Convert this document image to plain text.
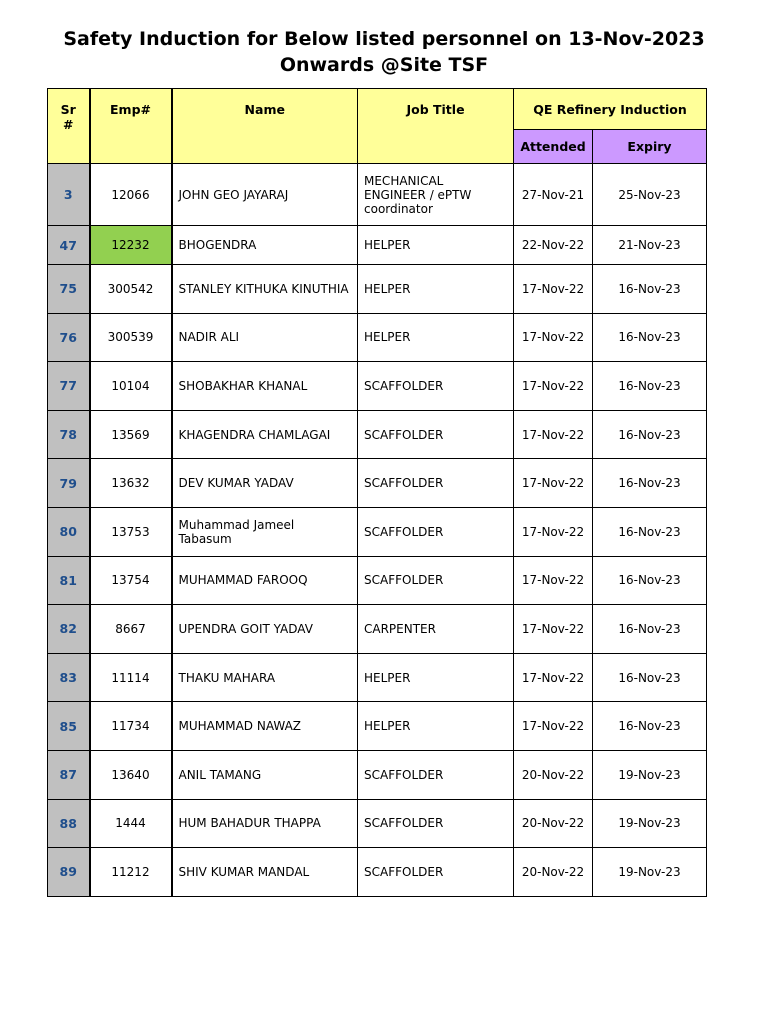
Safety Induction for Below listed personnel on 13-Nov-2023
Onwards @Site TSF
Sr #	Emp#	Name	Job Title	QE Refinery Induction	
				Attended	Expiry
3	12066	JOHN GEO JAYARAJ	MECHANICAL ENGINEER / ePTW coordinator	27-Nov-21	25-Nov-23
47	12232	BHOGENDRA	HELPER	22-Nov-22	21-Nov-23
75	300542	STANLEY KITHUKA KINUTHIA	HELPER	17-Nov-22	16-Nov-23
76	300539	NADIR ALI	HELPER	17-Nov-22	16-Nov-23
77	10104	SHOBAKHAR KHANAL	SCAFFOLDER	17-Nov-22	16-Nov-23
78	13569	KHAGENDRA CHAMLAGAI	SCAFFOLDER	17-Nov-22	16-Nov-23
79	13632	DEV KUMAR YADAV	SCAFFOLDER	17-Nov-22	16-Nov-23
80	13753	Muhammad Jameel Tabasum	SCAFFOLDER	17-Nov-22	16-Nov-23
81	13754	MUHAMMAD FAROOQ	SCAFFOLDER	17-Nov-22	16-Nov-23
82	8667	UPENDRA GOIT YADAV	CARPENTER	17-Nov-22	16-Nov-23
83	11114	THAKU MAHARA	HELPER	17-Nov-22	16-Nov-23
85	11734	MUHAMMAD NAWAZ	HELPER	17-Nov-22	16-Nov-23
87	13640	ANIL TAMANG	SCAFFOLDER	20-Nov-22	19-Nov-23
88	1444	HUM BAHADUR THAPPA	SCAFFOLDER	20-Nov-22	19-Nov-23
89	11212	SHIV KUMAR MANDAL	SCAFFOLDER	20-Nov-22	19-Nov-23
